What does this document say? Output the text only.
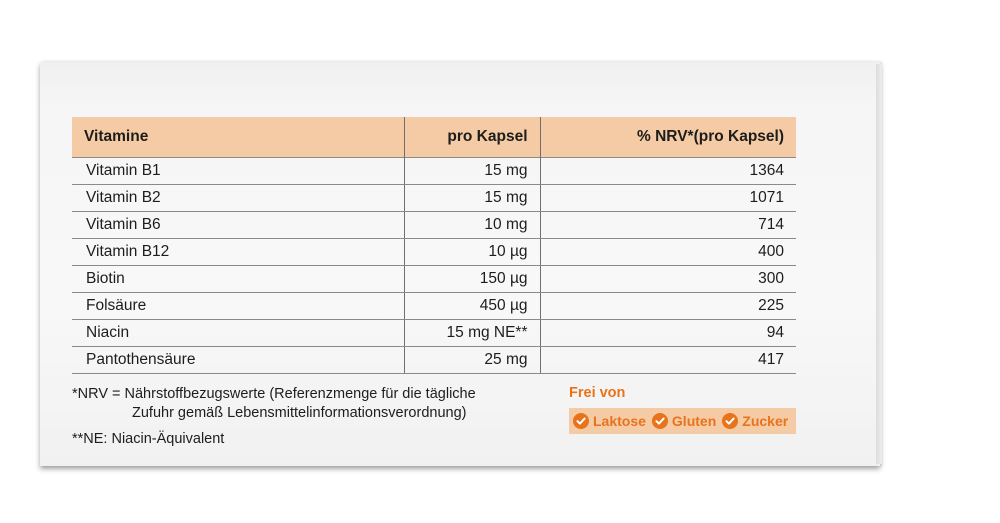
Vitamine	pro Kapsel	% NRV*(pro Kapsel)
Vitamin B1	15 mg	1364
Vitamin B2	15 mg	1071
Vitamin B6	10 mg	714
Vitamin B12	10 µg	400
Biotin	150 µg	300
Folsäure	450 µg	225
Niacin	15 mg NE**	94
Pantothensäure	25 mg	417
*NRV = Nährstoffbezugswerte (Referenzmenge für die tägliche
Zufuhr gemäß Lebensmittelinformationsverordnung)
**NE: Niacin-Äquivalent
Frei von
Laktose Gluten Zucker
